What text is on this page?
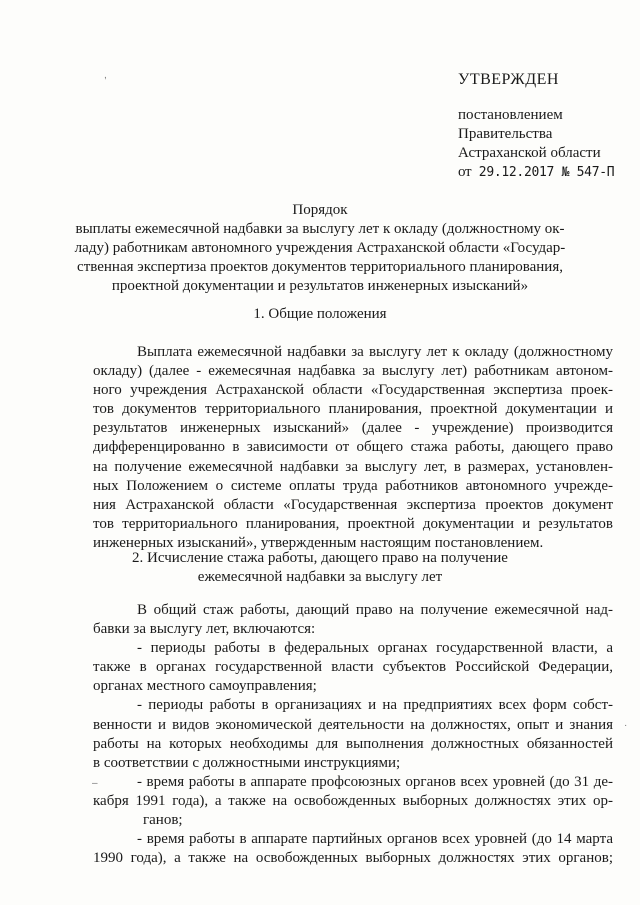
УТВЕРЖДЕН
постановлением
Правительства
Астраханской области
от 29.12.2017 № 547-П
Порядок
выплаты ежемесячной надбавки за выслугу лет к окладу (должностному ок-
ладу) работникам автономного учреждения Астраханской области «Государ-
ственная экспертиза проектов документов территориального планирования,
проектной документации и результатов инженерных изысканий»
1. Общие положения
Выплата ежемесячной надбавки за выслугу лет к окладу (должностному
окладу) (далее - ежемесячная надбавка за выслугу лет) работникам автоном-
ного учреждения Астраханской области «Государственная экспертиза проек-
тов документов территориального планирования, проектной документации и
результатов инженерных изысканий» (далее - учреждение) производится
дифференцированно в зависимости от общего стажа работы, дающего право
на получение ежемесячной надбавки за выслугу лет, в размерах, установлен-
ных Положением о системе оплаты труда работников автономного учрежде-
ния Астраханской области «Государственная экспертиза проектов документ
тов территориального планирования, проектной документации и результатов
инженерных изысканий», утвержденным настоящим постановлением.
2. Исчисление стажа работы, дающего право на получение
ежемесячной надбавки за выслугу лет
В общий стаж работы, дающий право на получение ежемесячной над-
бавки за выслугу лет, включаются:
- периоды работы в федеральных органах государственной власти, а
также в органах государственной власти субъектов Российской Федерации,
органах местного самоуправления;
- периоды работы в организациях и на предприятиях всех форм собст-
венности и видов экономической деятельности на должностях, опыт и знания
работы на которых необходимы для выполнения должностных обязанностей
в соответствии с должностными инструкциями;
- время работы в аппарате профсоюзных органов всех уровней (до 31 де-
кабря 1991 года), а также на освобожденных выборных должностях этих ор-
ганов;
- время работы в аппарате партийных органов всех уровней (до 14 марта
1990 года), а также на освобожденных выборных должностях этих органов;
,
–
·
